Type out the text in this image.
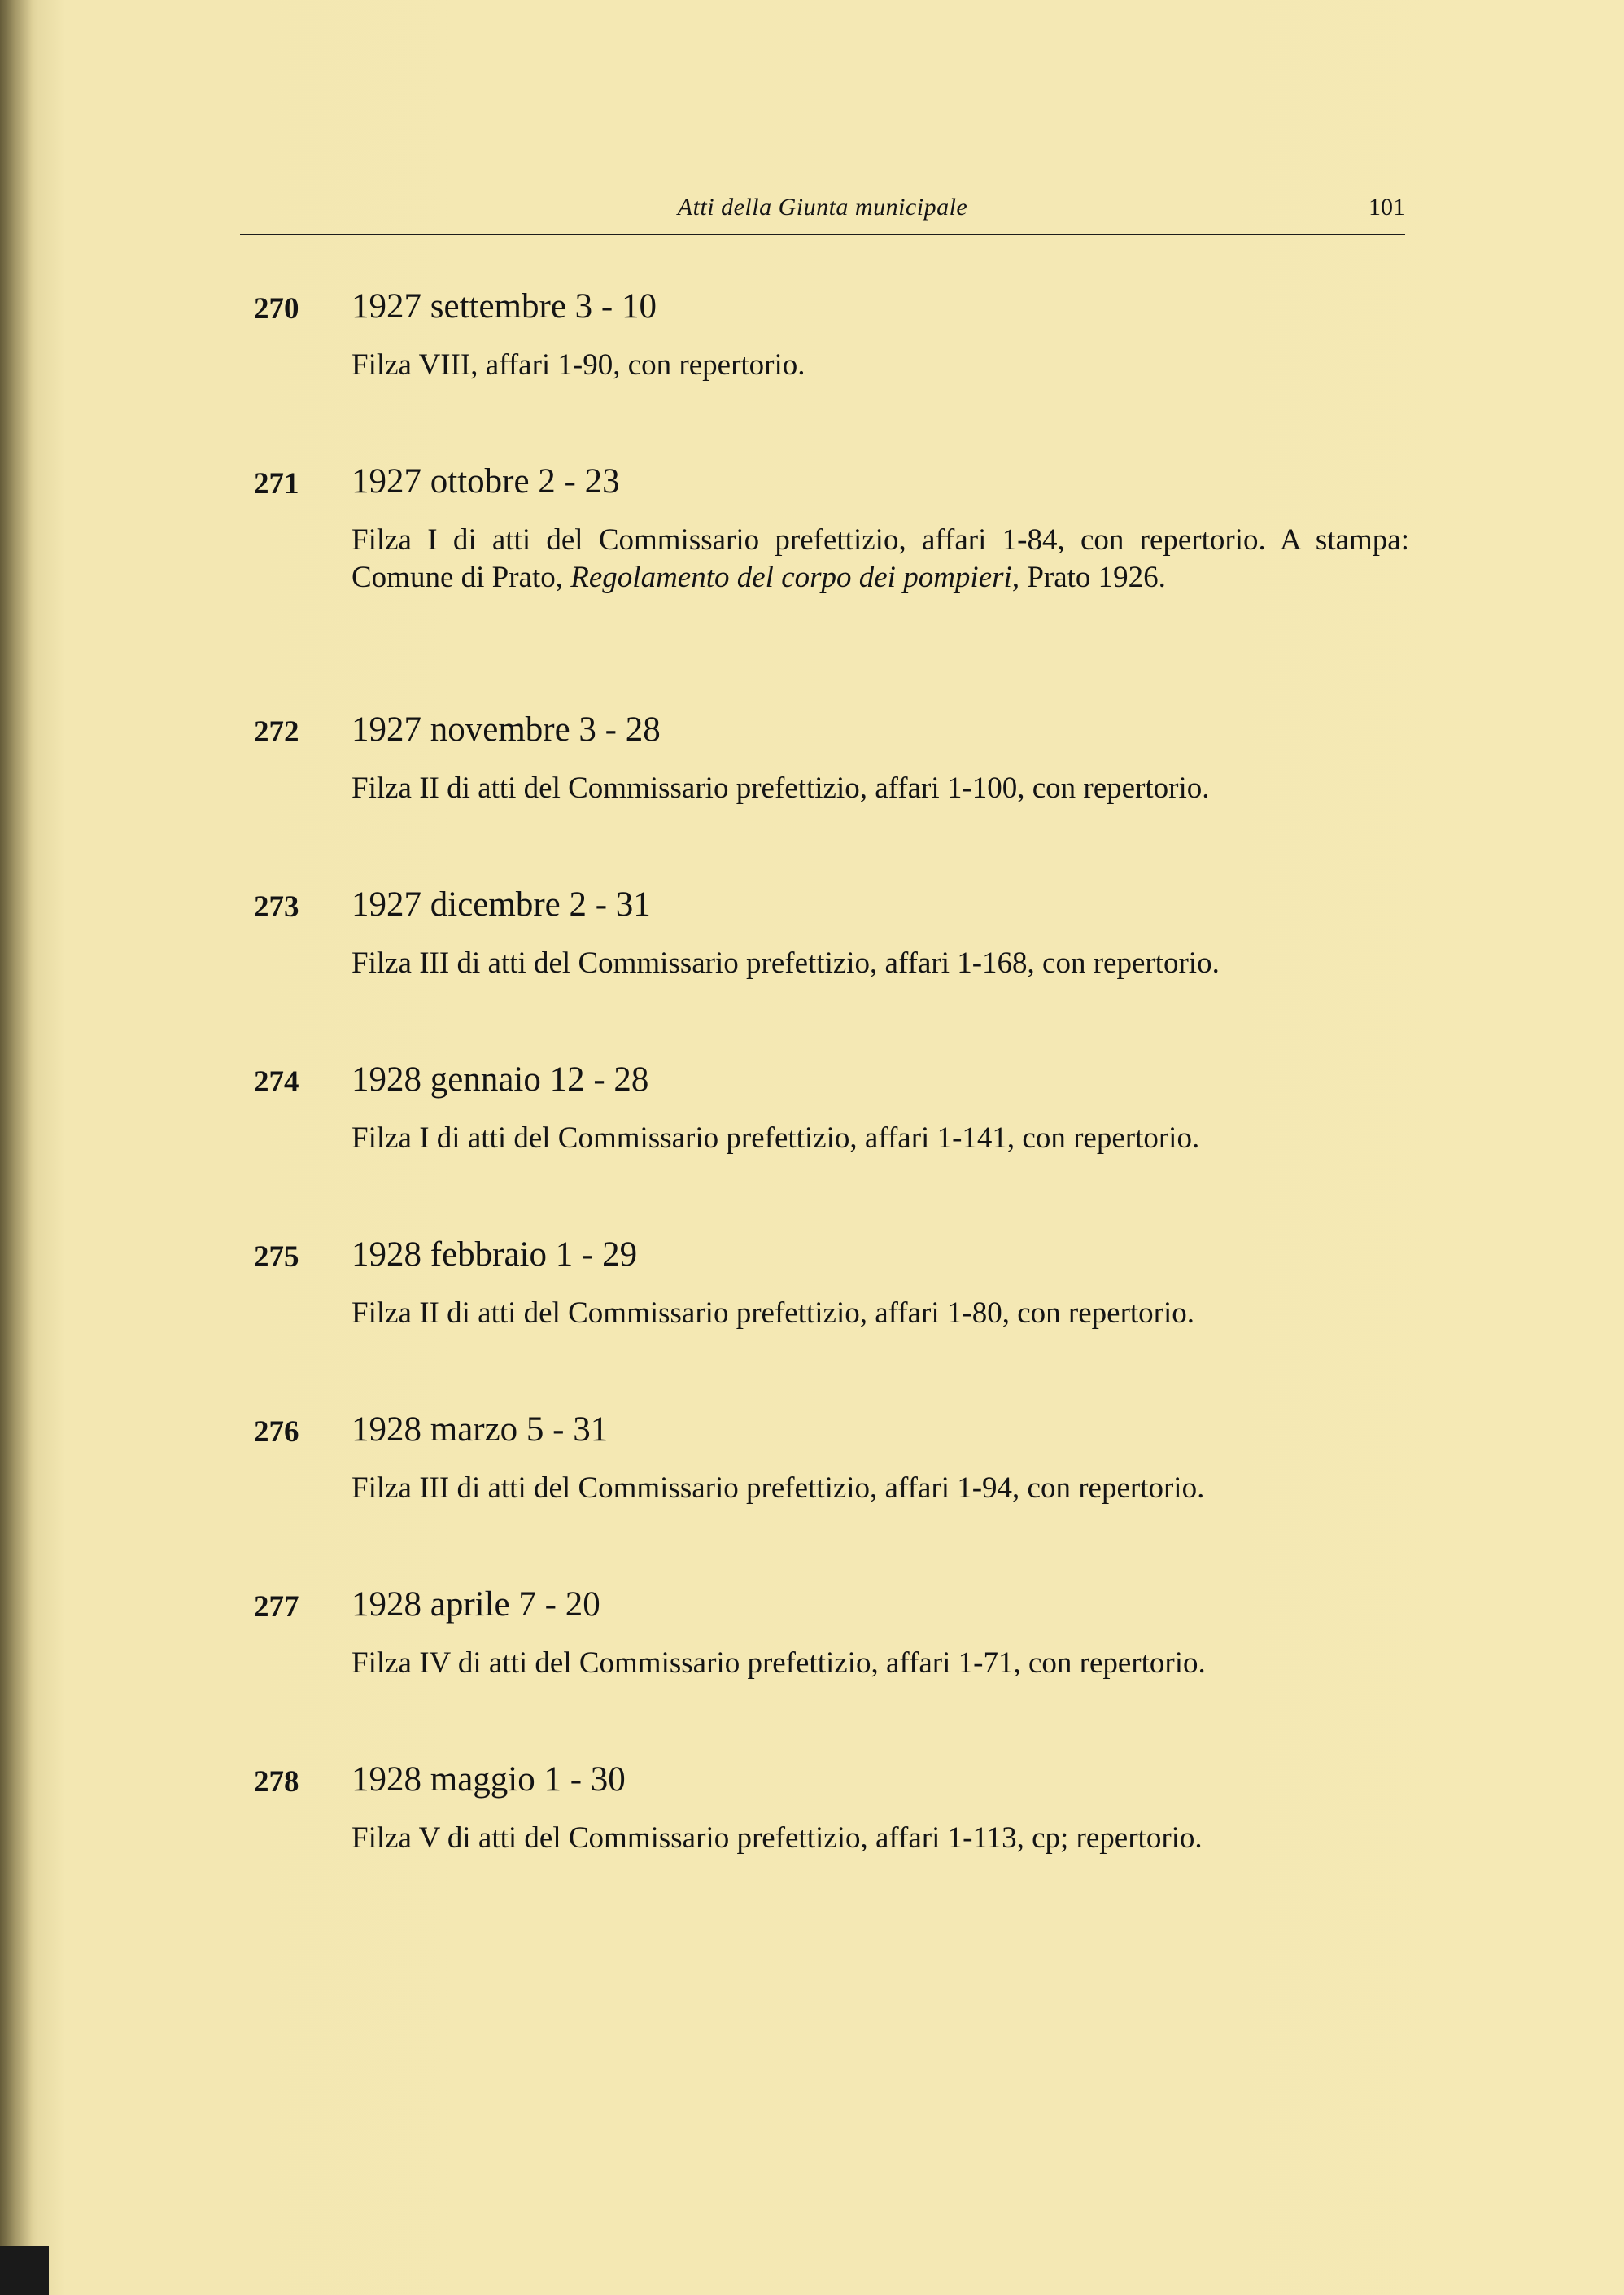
Atti della Giunta municipale	101
270 1927 settembre 3 - 10
Filza VIII, affari 1-90, con repertorio.
271 1927 ottobre 2 - 23
Filza I di atti del Commissario prefettizio, affari 1-84, con repertorio. A stampa: Comune di Prato, Regolamento del corpo dei pompieri, Prato 1926.
272 1927 novembre 3 - 28
Filza II di atti del Commissario prefettizio, affari 1-100, con repertorio.
273 1927 dicembre 2 - 31
Filza III di atti del Commissario prefettizio, affari 1-168, con repertorio.
274 1928 gennaio 12 - 28
Filza I di atti del Commissario prefettizio, affari 1-141, con repertorio.
275 1928 febbraio 1 - 29
Filza II di atti del Commissario prefettizio, affari 1-80, con repertorio.
276 1928 marzo 5 - 31
Filza III di atti del Commissario prefettizio, affari 1-94, con repertorio.
277 1928 aprile 7 - 20
Filza IV di atti del Commissario prefettizio, affari 1-71, con repertorio.
278 1928 maggio 1 - 30
Filza V di atti del Commissario prefettizio, affari 1-113, cp; repertorio.
